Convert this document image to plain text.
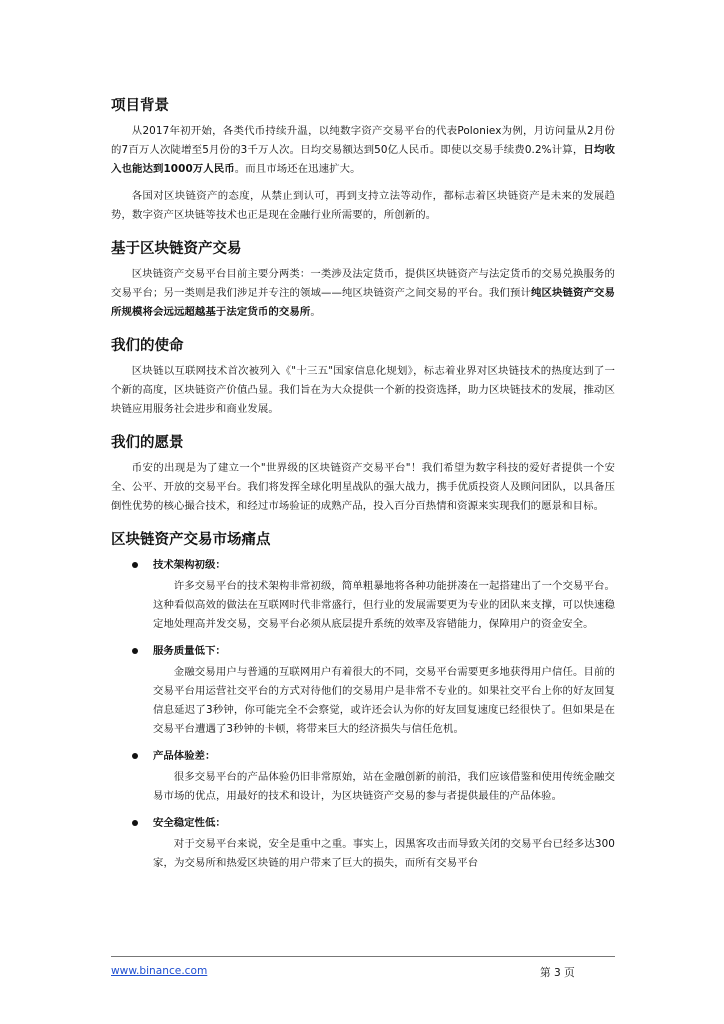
项目背景

从2017年初开始，各类代币持续升温，以纯数字资产交易平台的代表Poloniex为例，月访问量从2月份的7百万人次陡增至5月份的3千万人次。日均交易额达到50亿人民币。即使以交易手续费0.2%计算，日均收入也能达到1000万人民币。而且市场还在迅速扩大。

各国对区块链资产的态度，从禁止到认可，再到支持立法等动作，都标志着区块链资产是未来的发展趋势，数字资产区块链等技术也正是现在金融行业所需要的，所创新的。

基于区块链资产交易

区块链资产交易平台目前主要分两类：一类涉及法定货币，提供区块链资产与法定货币的交易兑换服务的交易平台；另一类则是我们涉足并专注的领域——纯区块链资产之间交易的平台。我们预计纯区块链资产交易所规模将会远远超越基于法定货币的交易所。

我们的使命

区块链以互联网技术首次被列入《"十三五"国家信息化规划》，标志着业界对区块链技术的热度达到了一个新的高度，区块链资产价值凸显。我们旨在为大众提供一个新的投资选择，助力区块链技术的发展，推动区块链应用服务社会进步和商业发展。

我们的愿景

币安的出现是为了建立一个"世界级的区块链资产交易平台"！我们希望为数字科技的爱好者提供一个安全、公平、开放的交易平台。我们将发挥全球化明星战队的强大战力，携手优质投资人及顾问团队，以具备压倒性优势的核心撮合技术，和经过市场验证的成熟产品，投入百分百热情和资源来实现我们的愿景和目标。

区块链资产交易市场痛点
技术架构初级：

许多交易平台的技术架构非常初级，简单粗暴地将各种功能拼凑在一起搭建出了一个交易平台。这种看似高效的做法在互联网时代非常盛行，但行业的发展需要更为专业的团队来支撑，可以快速稳定地处理高并发交易，交易平台必须从底层提升系统的效率及容错能力，保障用户的资金安全。

服务质量低下：

金融交易用户与普通的互联网用户有着很大的不同，交易平台需要更多地获得用户信任。目前的交易平台用运营社交平台的方式对待他们的交易用户是非常不专业的。如果社交平台上你的好友回复信息延迟了3秒钟，你可能完全不会察觉，或许还会认为你的好友回复速度已经很快了。但如果是在交易平台遭遇了3秒钟的卡顿，将带来巨大的经济损失与信任危机。

产品体验差：

很多交易平台的产品体验仍旧非常原始，站在金融创新的前沿，我们应该借鉴和使用传统金融交易市场的优点，用最好的技术和设计，为区块链资产交易的参与者提供最佳的产品体验。

安全稳定性低：

对于交易平台来说，安全是重中之重。事实上，因黑客攻击而导致关闭的交易平台已经多达300家，为交易所和热爱区块链的用户带来了巨大的损失，而所有交易平台

www.binance.com	第 3 页
